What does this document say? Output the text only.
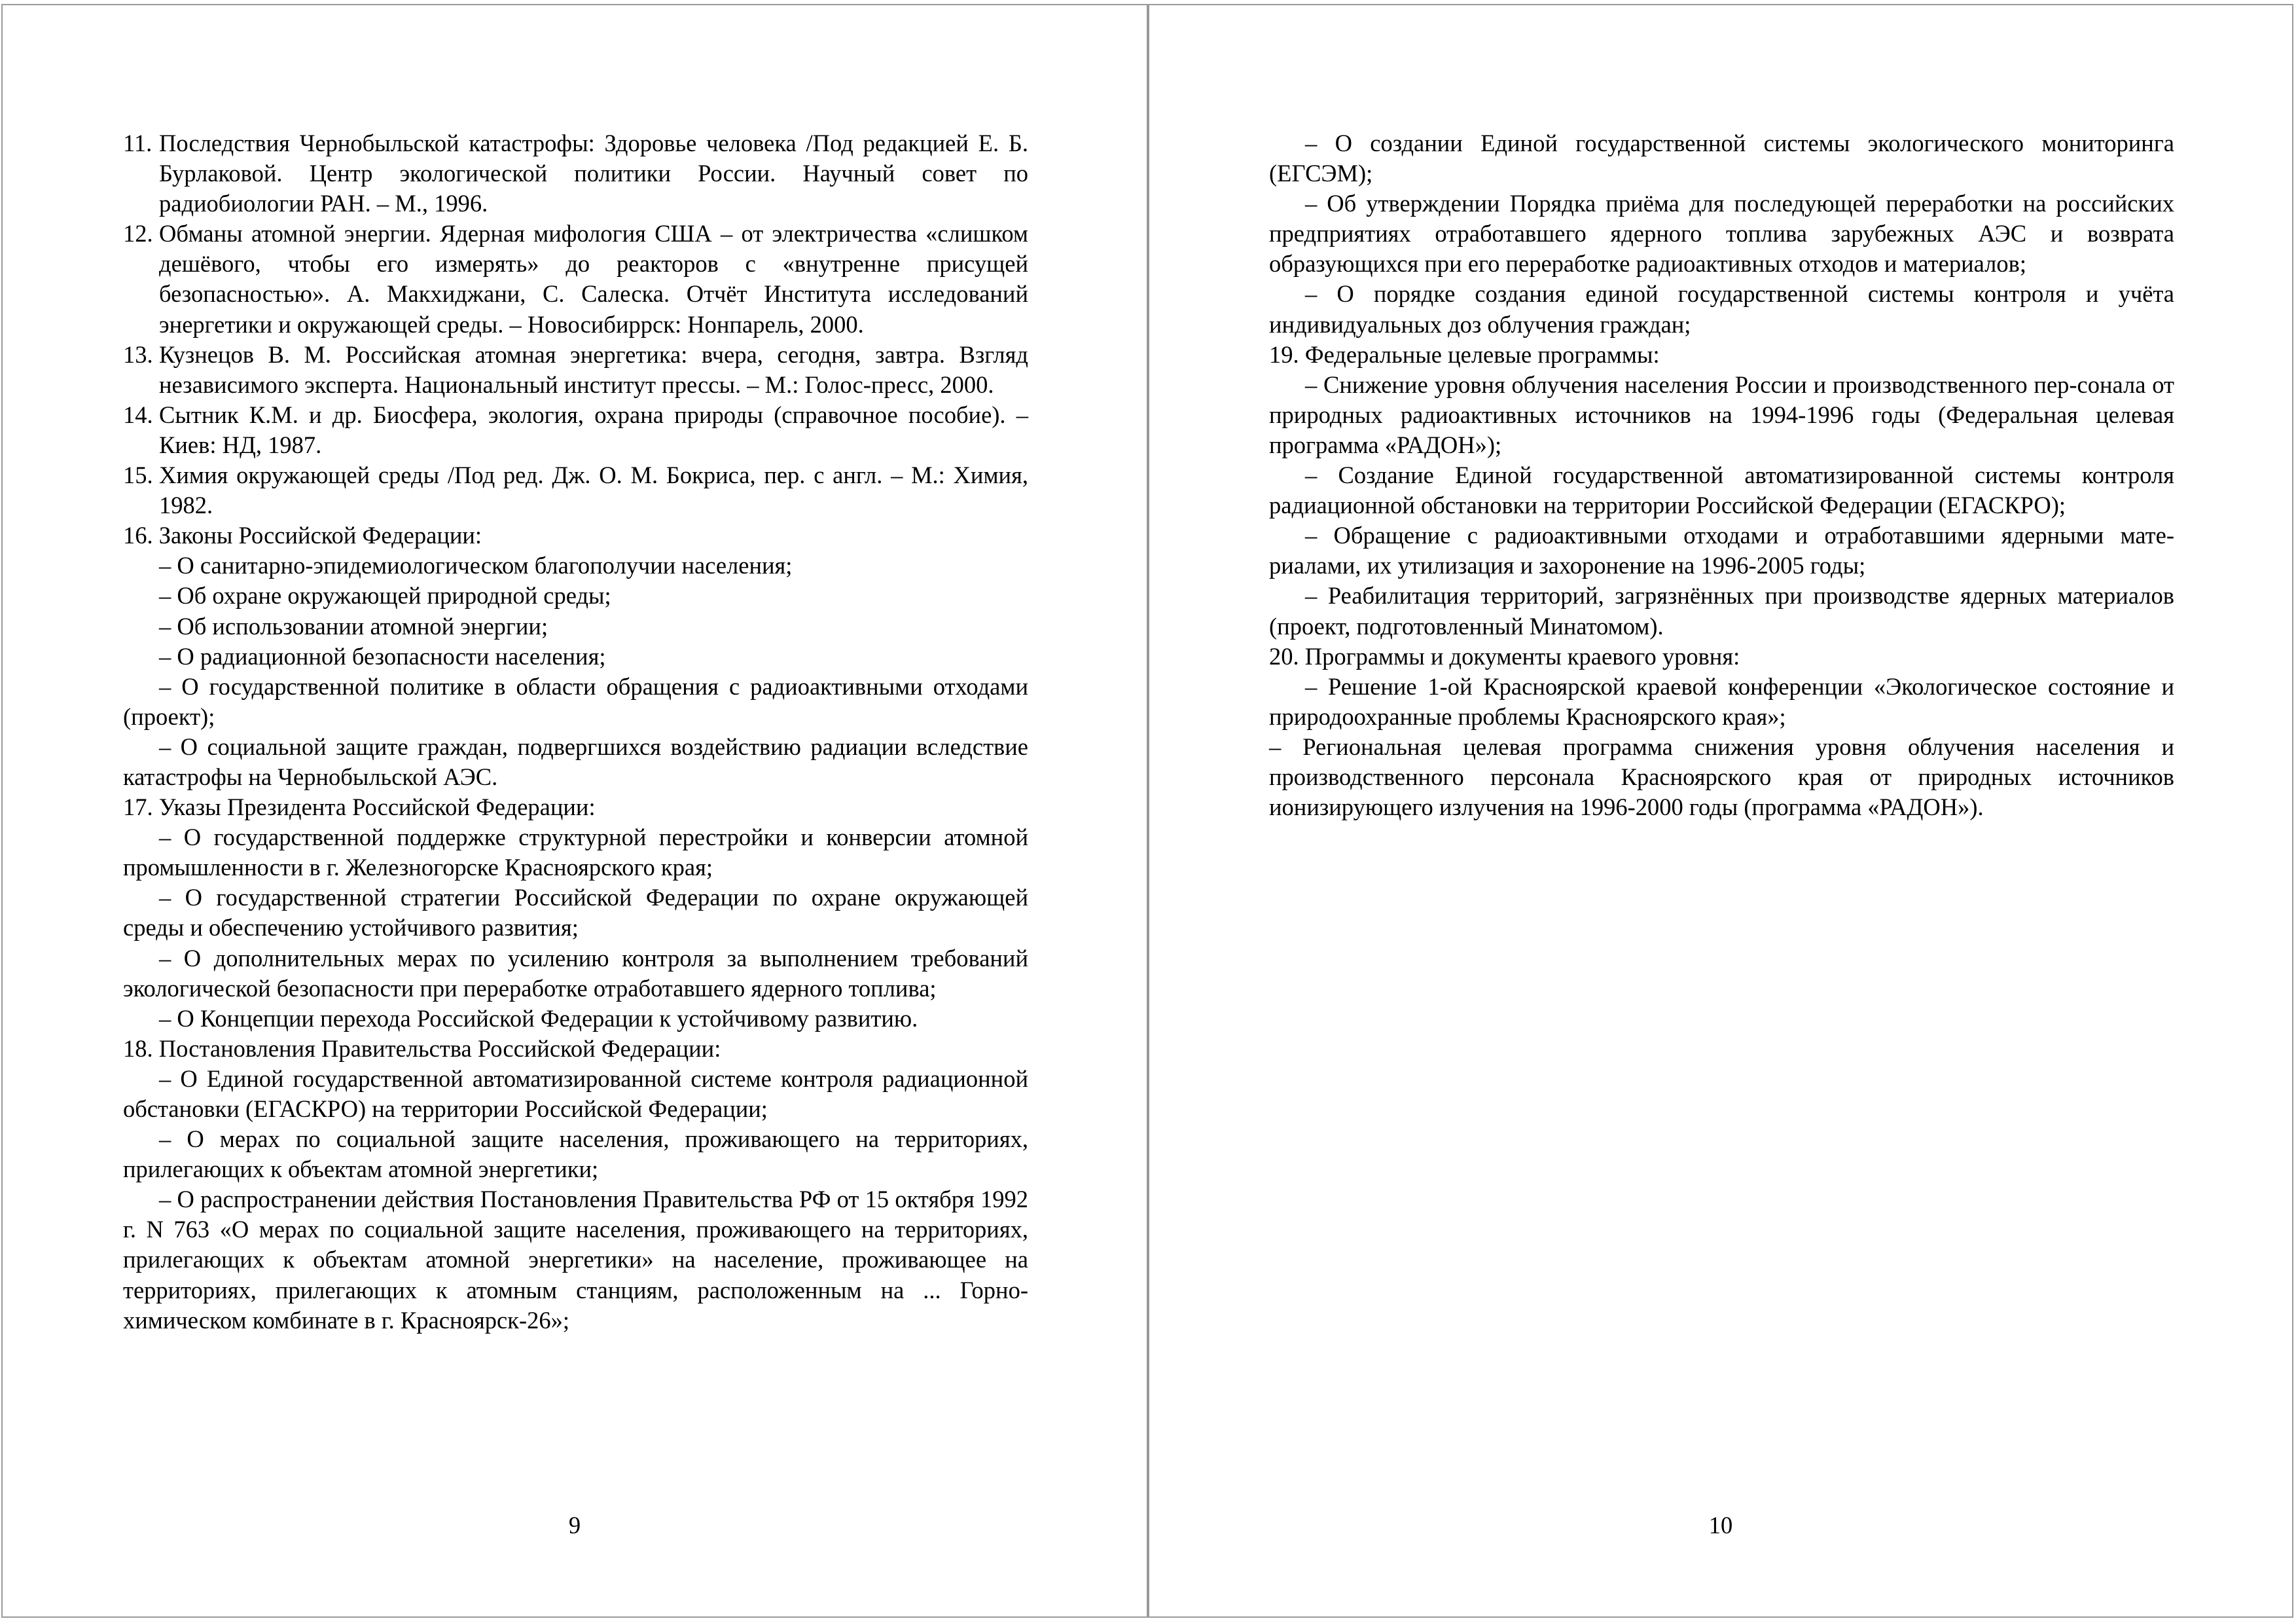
11. Последствия Чернобыльской катастрофы: Здоровье человека /Под редакцией Е. Б. Бурлаковой. Центр экологической политики России. Научный совет по радиобиологии РАН. – М., 1996.

12. Обманы атомной энергии. Ядерная мифология США – от электричества «слишком дешёвого, чтобы его измерять» до реакторов с «внутренне присущей безопасностью». А. Макхиджани, С. Салеска. Отчёт Института исследований энергетики и окружающей среды. – Новосибиррск: Нонпарель, 2000.

13. Кузнецов В. М. Российская атомная энергетика: вчера, сегодня, завтра. Взгляд независимого эксперта. Национальный институт прессы. – М.: Голос-пресс, 2000.

14. Сытник К.М. и др. Биосфера, экология, охрана природы (справочное пособие). – Киев: НД, 1987.

15. Химия окружающей среды /Под ред. Дж. О. М. Бокриса, пер. с англ. – М.: Химия, 1982.

16. Законы Российской Федерации:

– О санитарно-эпидемиологическом благополучии населения;

– Об охране окружающей природной среды;

– Об использовании атомной энергии;

– О радиационной безопасности населения;

– О государственной политике в области обращения с радиоактивными отходами (проект);

– О социальной защите граждан, подвергшихся воздействию радиации вследствие катастрофы на Чернобыльской АЭС.

17. Указы Президента Российской Федерации:

– О государственной поддержке структурной перестройки и конверсии атомной промышленности в г. Железногорске Красноярского края;

– О государственной стратегии Российской Федерации по охране окружающей среды и обеспечению устойчивого развития;

– О дополнительных мерах по усилению контроля за выполнением требований экологической безопасности при переработке отработавшего ядерного топлива;

– О Концепции перехода Российской Федерации к устойчивому развитию.

18. Постановления Правительства Российской Федерации:

– О Единой государственной автоматизированной системе контроля радиационной обстановки (ЕГАСКРО) на территории Российской Федерации;

– О мерах по социальной защите населения, проживающего на территориях, прилегающих к объектам атомной энергетики;

– О распространении действия Постановления Правительства РФ от 15 октября 1992 г. N 763 «О мерах по социальной защите населения, проживающего на территориях, прилегающих к объектам атомной энергетики» на население, проживающее на территориях, прилегающих к атомным станциям, расположенным на ... Горно-химическом комбинате в г. Красноярск-26»;

9

– О создании Единой государственной системы экологического мониторинга (ЕГСЭМ);

– Об утверждении Порядка приёма для последующей переработки на российских предприятиях отработавшего ядерного топлива зарубежных АЭС и возврата образующихся при его переработке радиоактивных отходов и материалов;

– О порядке создания единой государственной системы контроля и учёта индивидуальных доз облучения граждан;

19. Федеральные целевые программы:

– Снижение уровня облучения населения России и производственного пер-сонала от природных радиоактивных источников на 1994-1996 годы (Федеральная целевая программа «РАДОН»);

– Создание Единой государственной автоматизированной системы контроля радиационной обстановки на территории Российской Федерации (ЕГАСКРО);

– Обращение с радиоактивными отходами и отработавшими ядерными мате-риалами, их утилизация и захоронение на 1996-2005 годы;

– Реабилитация территорий, загрязнённых при производстве ядерных материалов (проект, подготовленный Минатомом).

20. Программы и документы краевого уровня:

– Решение 1-ой Красноярской краевой конференции «Экологическое состояние и природоохранные проблемы Красноярского края»;

– Региональная целевая программа снижения уровня облучения населения и производственного персонала Красноярского края от природных источников ионизирующего излучения на 1996-2000 годы (программа «РАДОН»).

10
